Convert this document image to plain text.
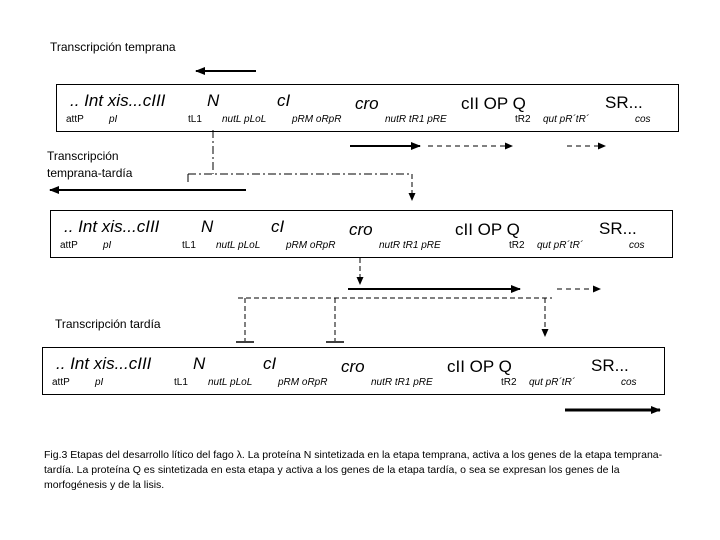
Transcripción temprana
Transcripción
temprana-tardía
Transcripción tardía
.. Int xis...cIII N	cI	cro	cII OP Q	SR...
attP	pI	tL1 nutL pLoL	pRM oRpR	nutR tR1 pRE	tR2 qut pR´tR´	cos
.. Int xis...cIII N	cI	cro	cII OP Q	SR...
attP	pI	tL1 nutL pLoL	pRM oRpR	nutR tR1 pRE	tR2 qut pR´tR´	cos
.. Int xis...cIII N	cI	cro	cII OP Q	SR...
attP	pI	tL1 nutL pLoL	pRM oRpR	nutR tR1 pRE	tR2 qut pR´tR´	cos
Fig.3 Etapas del desarrollo lítico del fago λ. La proteína N sintetizada en la etapa temprana, activa a los genes de la etapa temprana-tardía. La proteína Q es sintetizada en esta etapa y activa a los genes de la etapa tardía, o sea se expresan los genes de la morfogénesis y de la lisis.
